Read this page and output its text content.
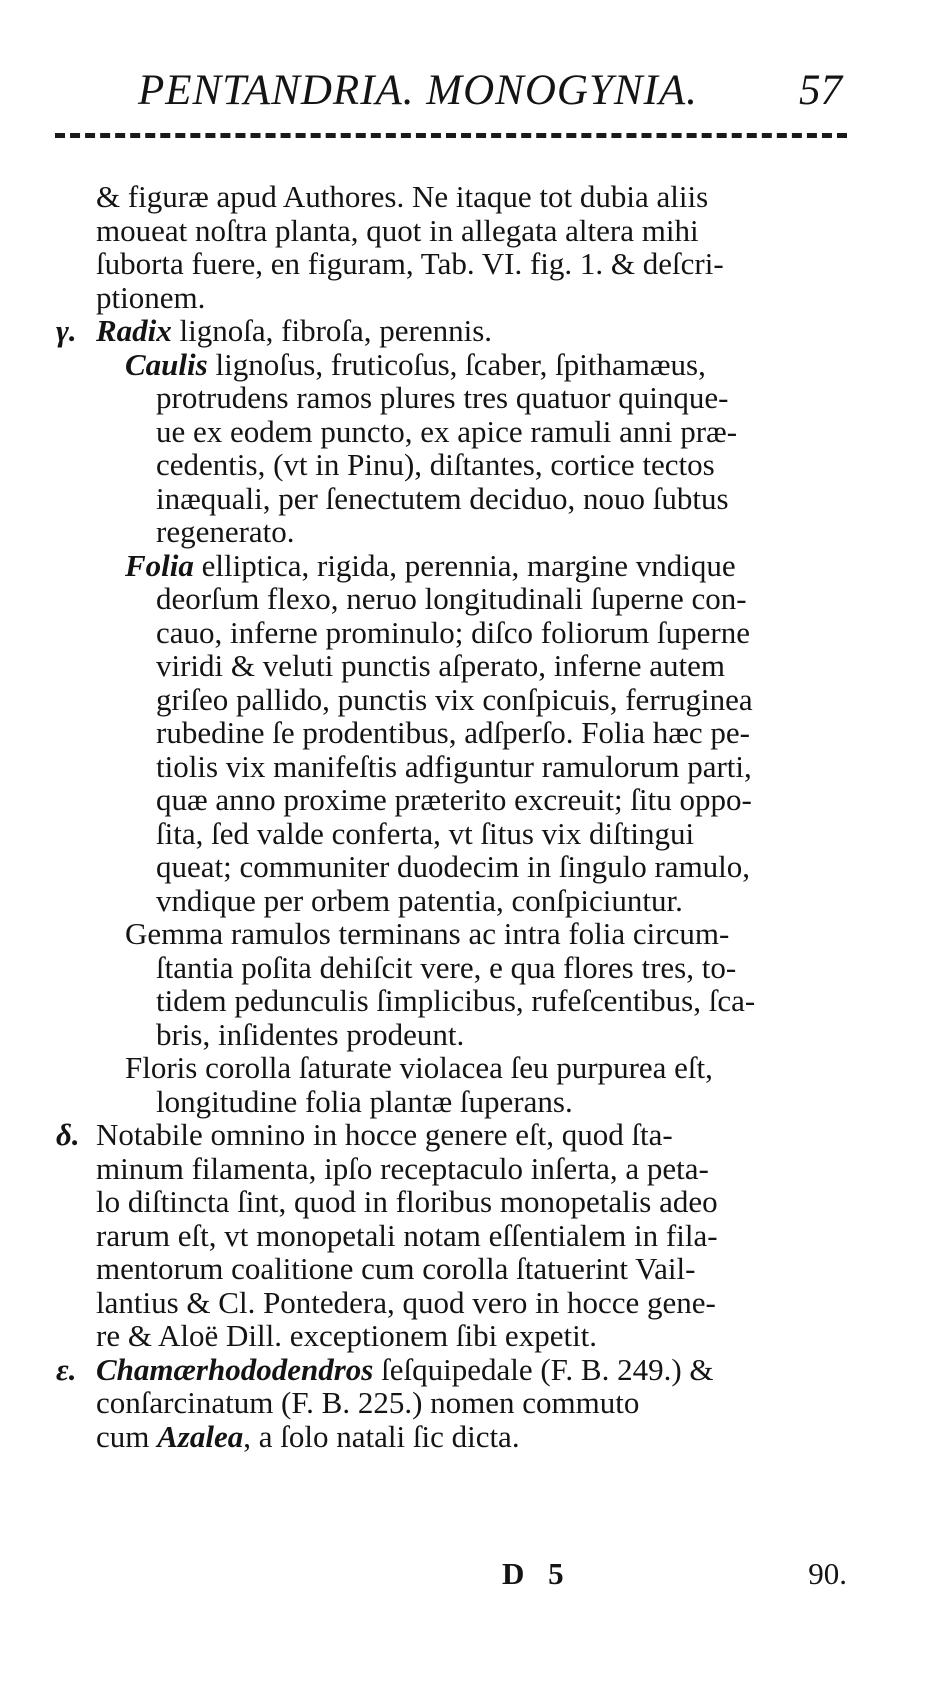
PENTANDRIA. MONOGYNIA. 57
& figuræ apud Authores. Ne itaque tot dubia aliis
moueat noſtra planta, quot in allegata altera mihi
ſuborta fuere, en figuram, Tab. VI. fig. 1. & deſcri-
ptionem.
γ. Radix lignoſa, fibroſa, perennis.
Caulis lignoſus, fruticoſus, ſcaber, ſpithamæus,
protrudens ramos plures tres quatuor quinque-
ue ex eodem puncto, ex apice ramuli anni præ-
cedentis, (vt in Pinu), diſtantes, cortice tectos
inæquali, per ſenectutem deciduo, nouo ſubtus
regenerato.
Folia elliptica, rigida, perennia, margine vndique
deorſum flexo, neruo longitudinali ſuperne con-
cauo, inferne prominulo; diſco foliorum ſuperne
viridi & veluti punctis aſperato, inferne autem
griſeo pallido, punctis vix conſpicuis, ferruginea
rubedine ſe prodentibus, adſperſo. Folia hæc pe-
tiolis vix manifeſtis adfiguntur ramulorum parti,
quæ anno proxime præterito excreuit; ſitu oppo-
ſita, ſed valde conferta, vt ſitus vix diſtingui
queat; communiter duodecim in ſingulo ramulo,
vndique per orbem patentia, conſpiciuntur.
Gemma ramulos terminans ac intra folia circum-
ſtantia poſita dehiſcit vere, e qua flores tres, to-
tidem pedunculis ſimplicibus, rufeſcentibus, ſca-
bris, inſidentes prodeunt.
Floris corolla ſaturate violacea ſeu purpurea eſt,
longitudine folia plantæ ſuperans.
δ. Notabile omnino in hocce genere eſt, quod ſta-
minum filamenta, ipſo receptaculo inſerta, a peta-
lo diſtincta ſint, quod in floribus monopetalis adeo
rarum eſt, vt monopetali notam eſſentialem in fila-
mentorum coalitione cum corolla ſtatuerint Vail-
lantius & Cl. Pontedera, quod vero in hocce gene-
re & Aloë Dill. exceptionem ſibi expetit.
ε. Chamærhododendros ſeſquipedale (F. B. 249.) &
conſarcinatum (F. B. 225.) nomen commuto
cum Azalea, a ſolo natali ſic dicta.
D 5	90.
